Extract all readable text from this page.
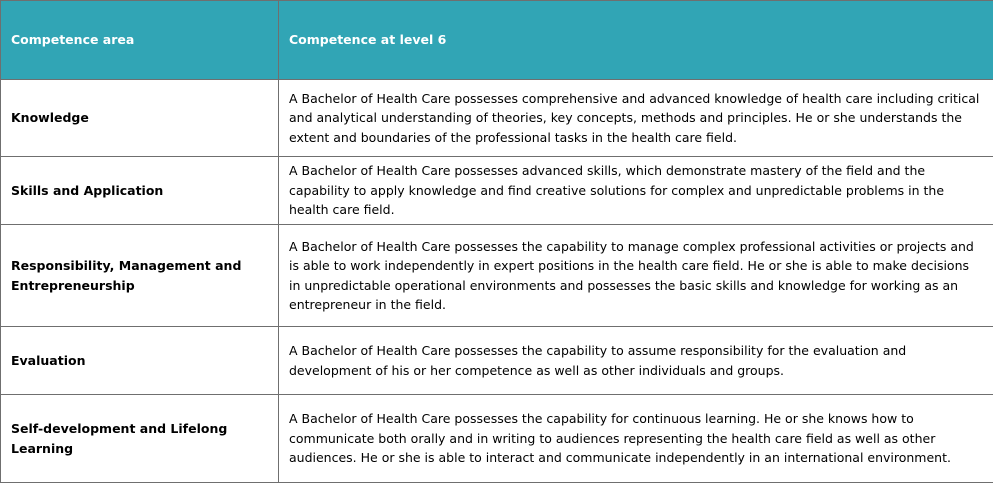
Competence area	Competence at level 6
Knowledge	A Bachelor of Health Care possesses comprehensive and advanced knowledge of health care including critical and analytical understanding of theories, key concepts, methods and principles. He or she understands the extent and boundaries of the professional tasks in the health care field.
Skills and Application	A Bachelor of Health Care possesses advanced skills, which demonstrate mastery of the field and the capability to apply knowledge and find creative solutions for complex and unpredictable problems in the health care field.
Responsibility, Management and Entrepreneurship	A Bachelor of Health Care possesses the capability to manage complex professional activities or projects and is able to work independently in expert positions in the health care field. He or she is able to make decisions in unpredictable operational environments and possesses the basic skills and knowledge for working as an entrepreneur in the field.
Evaluation	A Bachelor of Health Care possesses the capability to assume responsibility for the evaluation and development of his or her competence as well as other individuals and groups.
Self-development and Lifelong Learning	A Bachelor of Health Care possesses the capability for continuous learning. He or she knows how to communicate both orally and in writing to audiences representing the health care field as well as other audiences. He or she is able to interact and communicate independently in an international environment.
